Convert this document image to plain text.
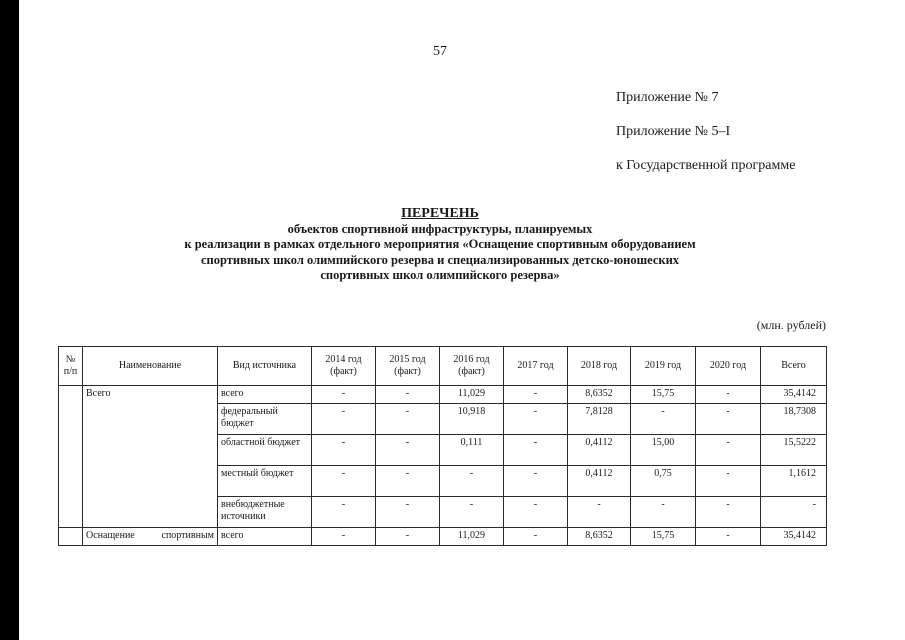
57
Приложение № 7
Приложение № 5–I
к Государственной программе
ПЕРЕЧЕНЬ
объектов спортивной инфраструктуры, планируемых
к реализации в рамках отдельного мероприятия «Оснащение спортивным оборудованием
спортивных школ олимпийского резерва и специализированных детско-юношеских
спортивных школ олимпийского резерва»
(млн. рублей)
№ п/п	Наименование	Вид источника	2014 год (факт)	2015 год (факт)	2016 год (факт)	2017 год	2018 год	2019 год	2020 год	Всего
	Всего	всего	-	-	11,029	-	8,6352	15,75	-	35,4142
		федеральный бюджет	-	-	10,918	-	7,8128	-	-	18,7308
		областной бюджет	-	-	0,111	-	0,4112	15,00	-	15,5222
		местный бюджет	-	-	-	-	0,4112	0,75	-	1,1612
		внебюджетные источники	-	-	-	-	-	-	-	-

	Оснащение спортивным	всего	-	-	11,029	-	8,6352	15,75	-	35,4142
